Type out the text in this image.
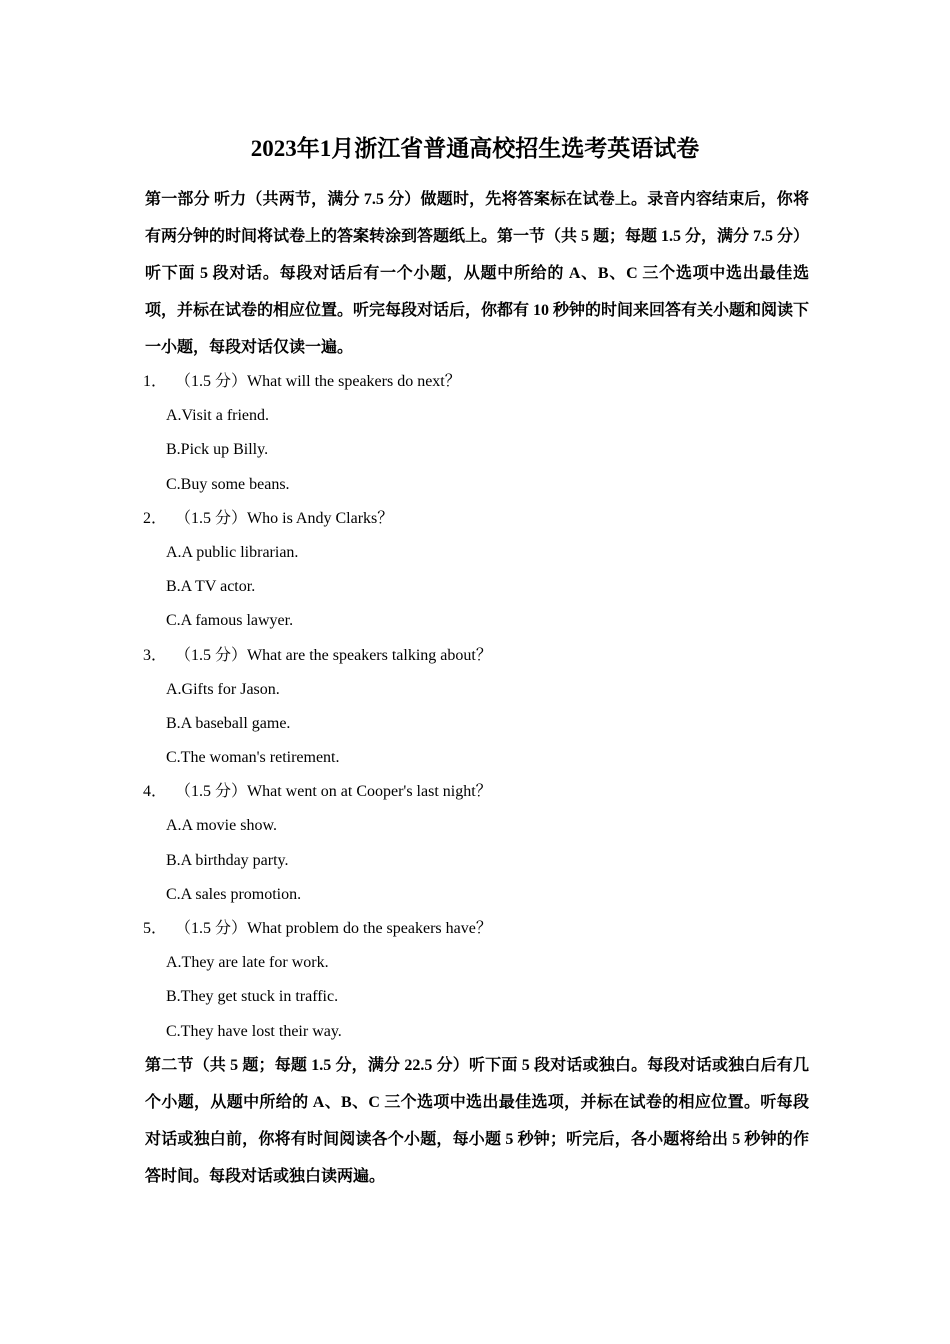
2023年1月浙江省普通高校招生选考英语试卷

第一部分 听力（共两节，满分 7.5 分）做题时，先将答案标在试卷上。录音内容结束后，你将有两分钟的时间将试卷上的答案转涂到答题纸上。第一节（共 5 题；每题 1.5 分，满分 7.5 分）听下面 5 段对话。每段对话后有一个小题，从题中所给的 A、B、C 三个选项中选出最佳选项，并标在试卷的相应位置。听完每段对话后，你都有 10 秒钟的时间来回答有关小题和阅读下一小题，每段对话仅读一遍。

1． （1.5 分）What will the speakers do next？
A.Visit a friend.
B.Pick up Billy.
C.Buy some beans.
2． （1.5 分）Who is Andy Clarks？
A.A public librarian.
B.A TV actor.
C.A famous lawyer.
3． （1.5 分）What are the speakers talking about？
A.Gifts for Jason.
B.A baseball game.
C.The woman's retirement.
4． （1.5 分）What went on at Cooper's last night？
A.A movie show.
B.A birthday party.
C.A sales promotion.
5． （1.5 分）What problem do the speakers have？
A.They are late for work.
B.They get stuck in traffic.
C.They have lost their way.

第二节（共 5 题；每题 1.5 分，满分 22.5 分）听下面 5 段对话或独白。每段对话或独白后有几个小题，从题中所给的 A、B、C 三个选项中选出最佳选项，并标在试卷的相应位置。听每段对话或独白前，你将有时间阅读各个小题，每小题 5 秒钟；听完后，各小题将给出 5 秒钟的作答时间。每段对话或独白读两遍。
